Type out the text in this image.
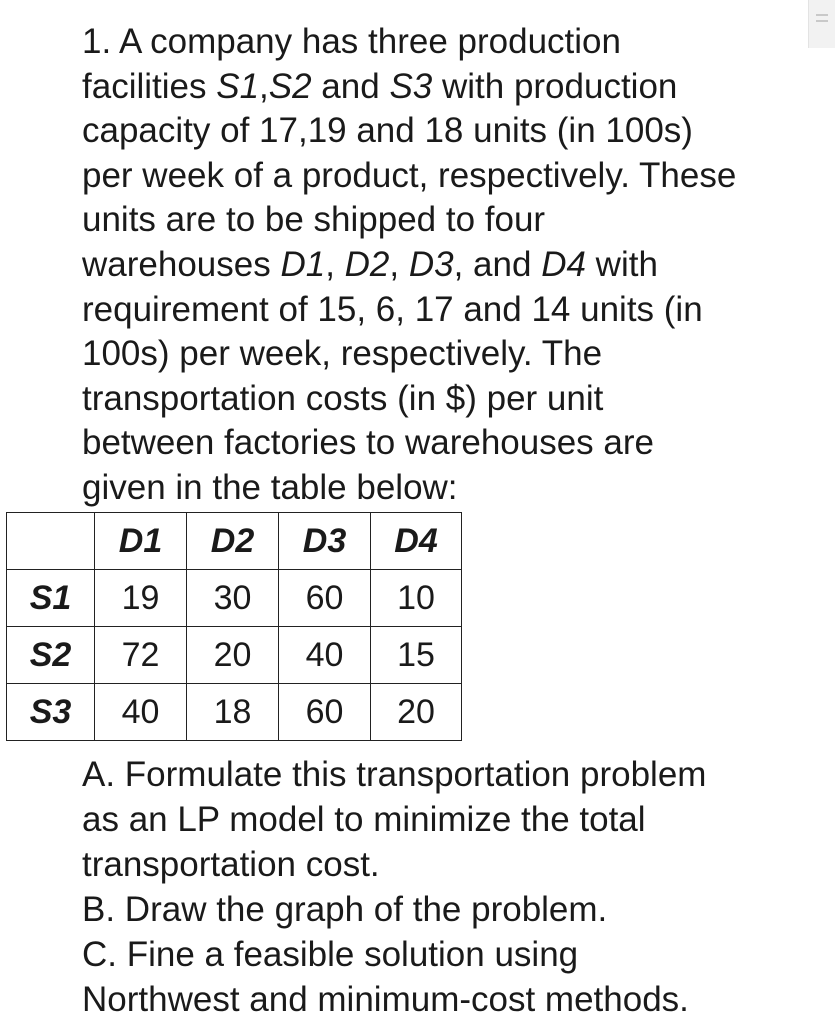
1. A company has three production
facilities S1,S2 and S3 with production
capacity of 17,19 and 18 units (in 100s)
per week of a product, respectively. These
units are to be shipped to four
warehouses D1, D2, D3, and D4 with
requirement of 15, 6, 17 and 14 units (in
100s) per week, respectively. The
transportation costs (in $) per unit
between factories to warehouses are
given in the table below:

	D1	D2	D3	D4
S1	19	30	60	10
S2	72	20	40	15
S3	40	18	60	20

A. Formulate this transportation problem
as an LP model to minimize the total
transportation cost.
B. Draw the graph of the problem.
C. Fine a feasible solution using
Northwest and minimum-cost methods.
